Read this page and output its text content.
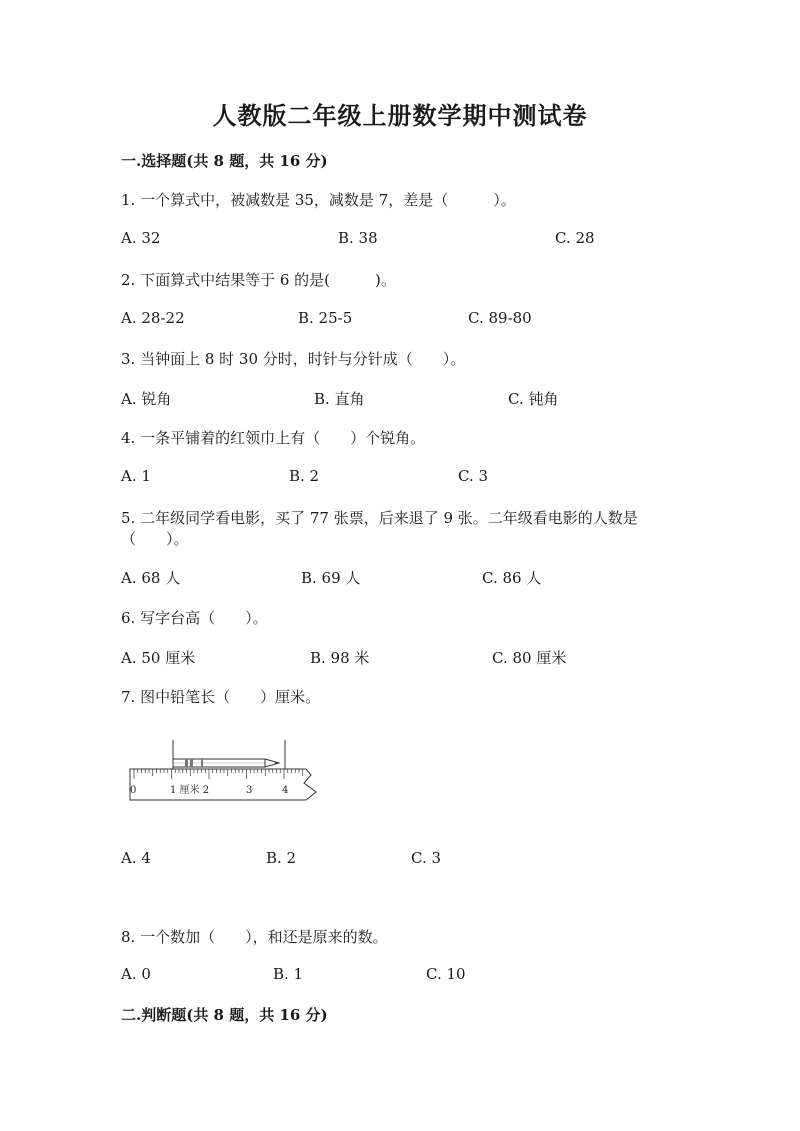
人教版二年级上册数学期中测试卷
一.选择题(共 8 题，共 16 分)
1. 一个算式中，被减数是 35，减数是 7，差是（　　　）。
A. 32	B. 38	C. 28
2. 下面算式中结果等于 6 的是(　　　)。
A. 28-22	B. 25-5	C. 89-80
3. 当钟面上 8 时 30 分时，时针与分针成（　　）。
A. 锐角	B. 直角	C. 钝角
4. 一条平铺着的红领巾上有（　　）个锐角。
A. 1	B. 2	C. 3
5. 二年级同学看电影，买了 77 张票，后来退了 9 张。二年级看电影的人数是
（　　）。
A. 68 人	B. 69 人	C. 86 人
6. 写字台高（　　）。
A. 50 厘米	B. 98 米	C. 80 厘米
7. 图中铅笔长（　　）厘米。
0	1 厘米 2	3	4
A. 4	B. 2	C. 3
8. 一个数加（　　），和还是原来的数。
A. 0	B. 1	C. 10
二.判断题(共 8 题，共 16 分)
